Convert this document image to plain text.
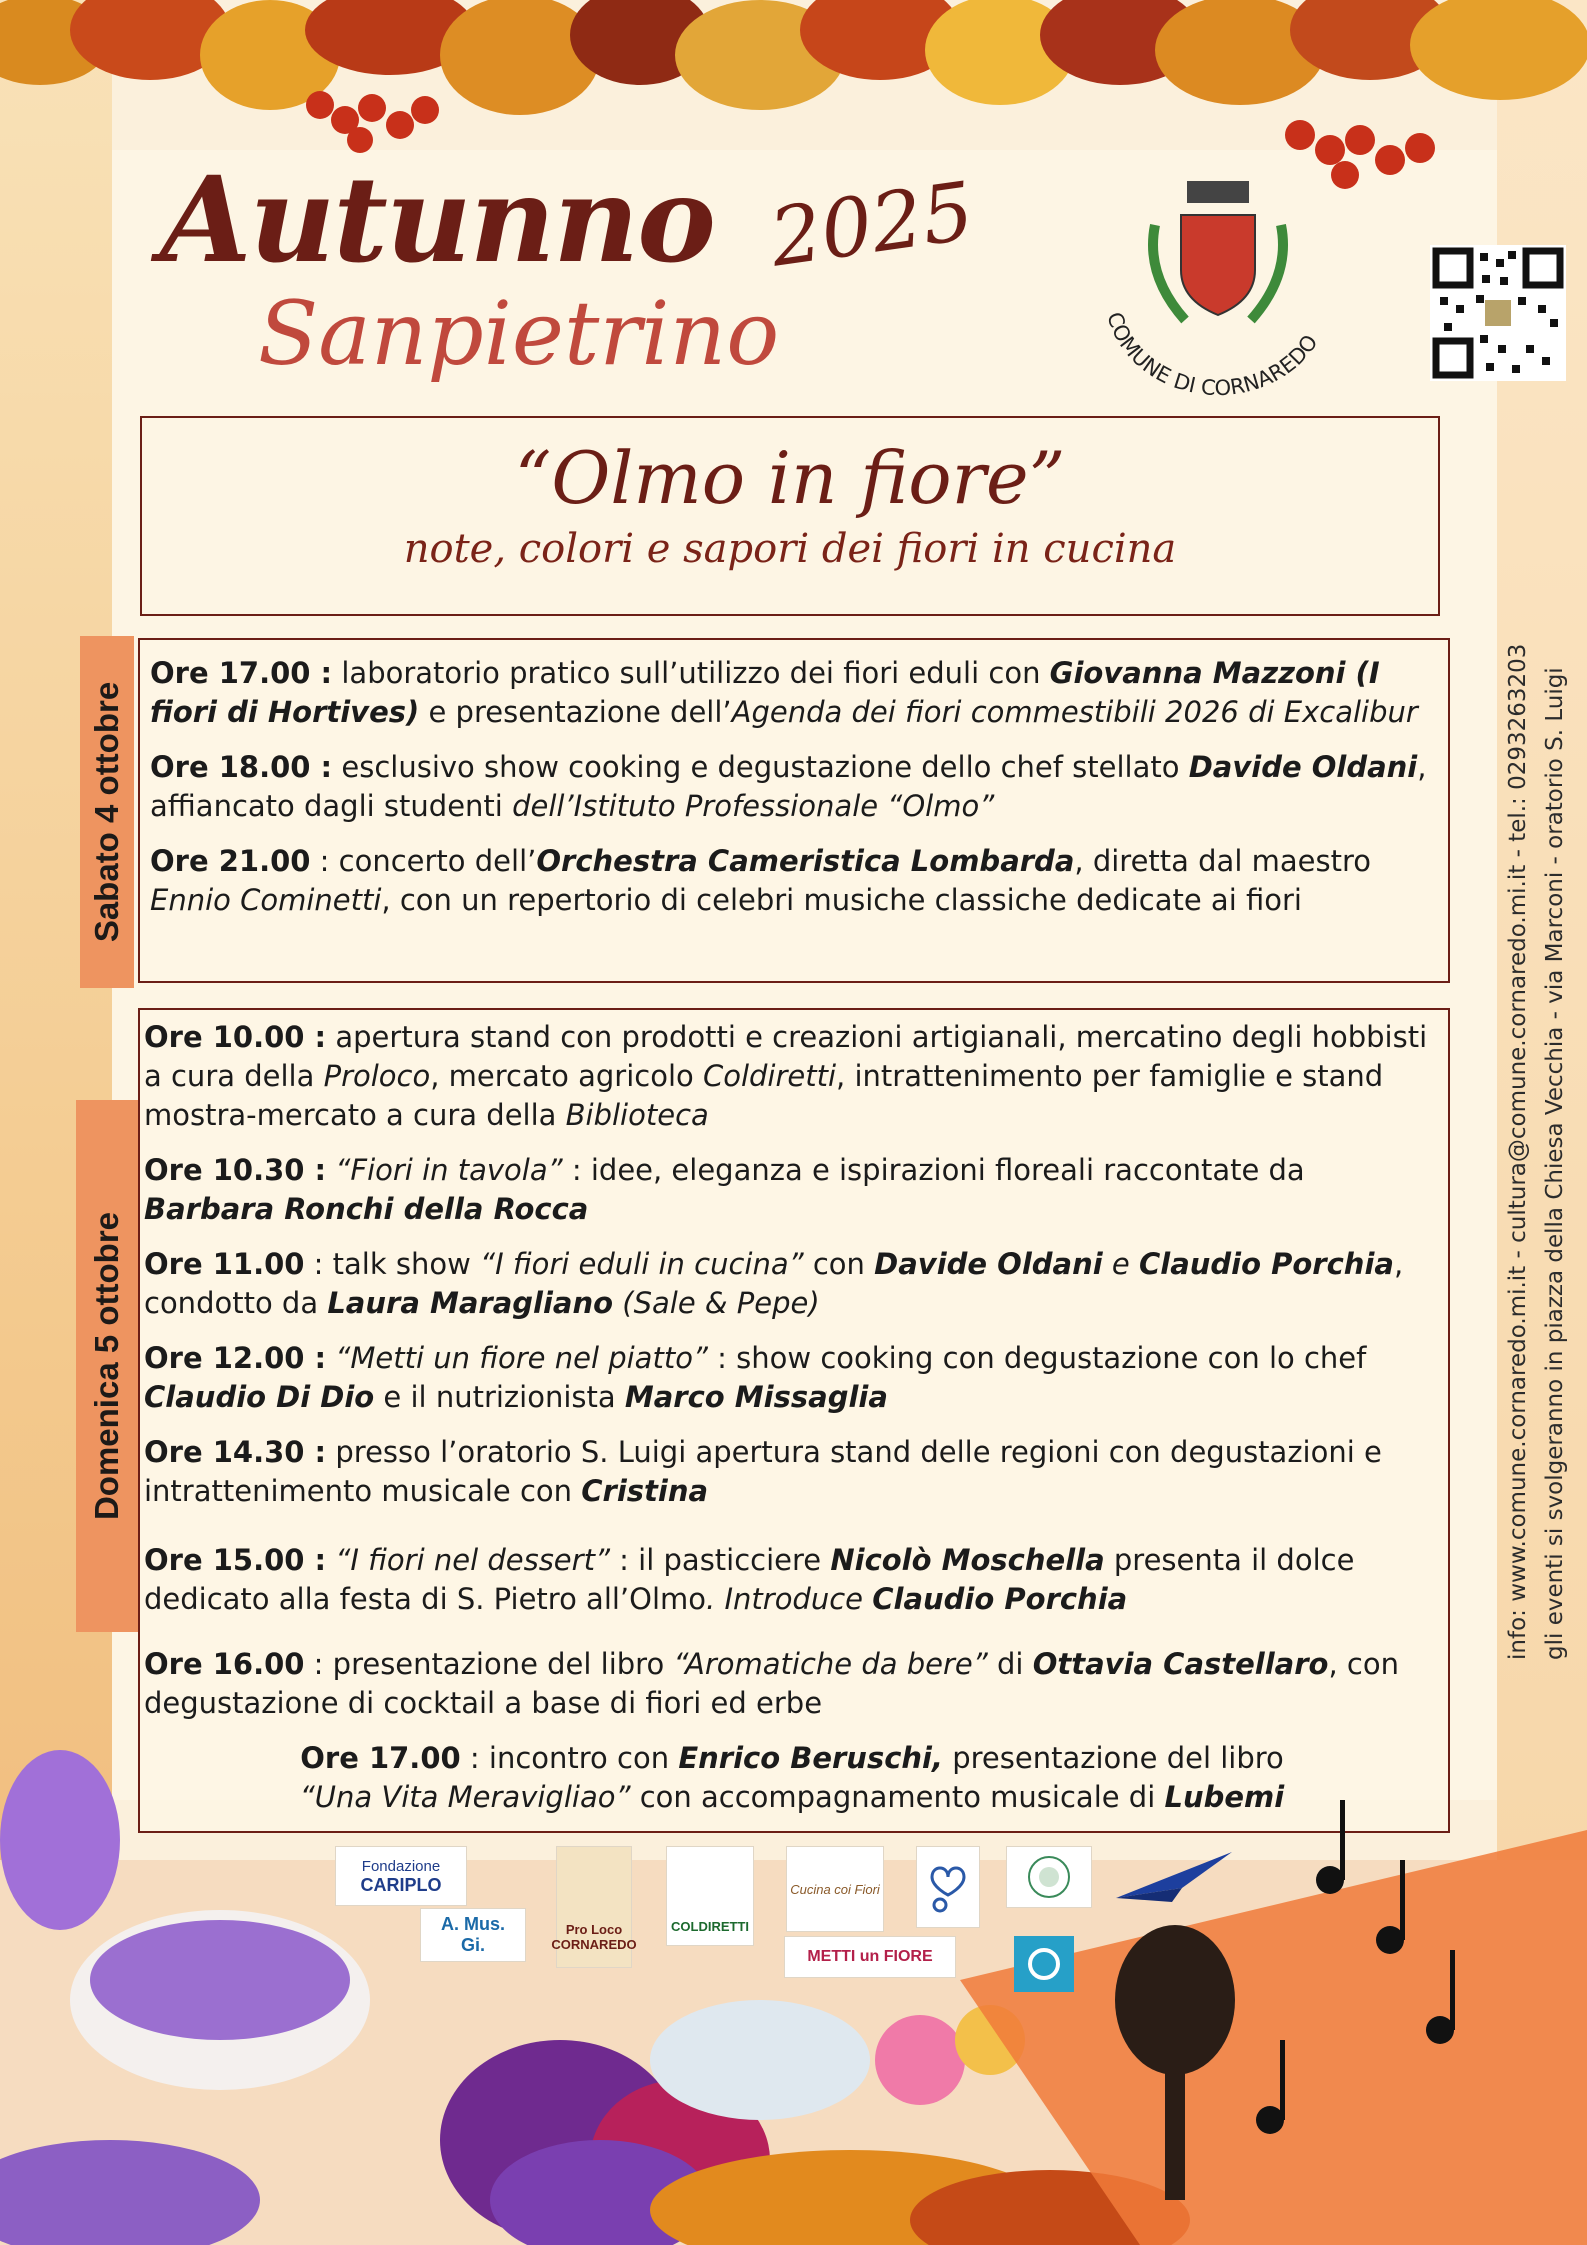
Autunno 2025
Sanpietrino	COMUNE DI CORNAREDO

“Olmo in fiore”

note, colori e sapori dei fiori in cucina

Sabato 4 ottobre
Domenica 5 ottobre

Ore 17.00 : laboratorio pratico sull’utilizzo dei fiori eduli con Giovanna Mazzoni (I fiori di Hortives) e presentazione dell’Agenda dei fiori commestibili 2026 di Excalibur

Ore 18.00 : esclusivo show cooking e degustazione dello chef stellato Davide Oldani, affiancato dagli studenti dell’Istituto Professionale “Olmo”

Ore 21.00 : concerto dell’Orchestra Cameristica Lombarda, diretta dal maestro Ennio Cominetti, con un repertorio di celebri musiche classiche dedicate ai fiori

Ore 10.00 : apertura stand con prodotti e creazioni artigianali, mercatino degli hobbisti a cura della Proloco, mercato agricolo Coldiretti, intrattenimento per famiglie e stand mostra-mercato a cura della Biblioteca

Ore 10.30 : “Fiori in tavola” : idee, eleganza e ispirazioni floreali raccontate da Barbara Ronchi della Rocca

Ore 11.00 : talk show “I fiori eduli in cucina” con Davide Oldani e Claudio Porchia, condotto da Laura Maragliano (Sale & Pepe)

Ore 12.00 : “Metti un fiore nel piatto” : show cooking con degustazione con lo chef Claudio Di Dio e il nutrizionista Marco Missaglia

Ore 14.30 : presso l’oratorio S. Luigi apertura stand delle regioni con degustazioni e intrattenimento musicale con Cristina

Ore 15.00 : “I fiori nel dessert” : il pasticciere Nicolò Moschella presenta il dolce dedicato alla festa di S. Pietro all’Olmo. Introduce Claudio Porchia

Ore 16.00 : presentazione del libro “Aromatiche da bere” di Ottavia Castellaro, con degustazione di cocktail a base di fiori ed erbe

Ore 17.00 : incontro con Enrico Beruschi, presentazione del libro
“Una Vita Meravigliao” con accompagnamento musicale di Lubemi

info: www.comune.cornaredo.mi.it - cultura@comune.cornaredo.mi.it - tel.: 0293263203 gli eventi si svolgeranno in piazza della Chiesa Vecchia - via Marconi - oratorio S. Luigi
Fondazione
CARIPLO
A. Mus.
Gi.
Pro Loco CORNAREDO
COLDIRETTI
Cucina coi Fiori
METTI un FIORE
